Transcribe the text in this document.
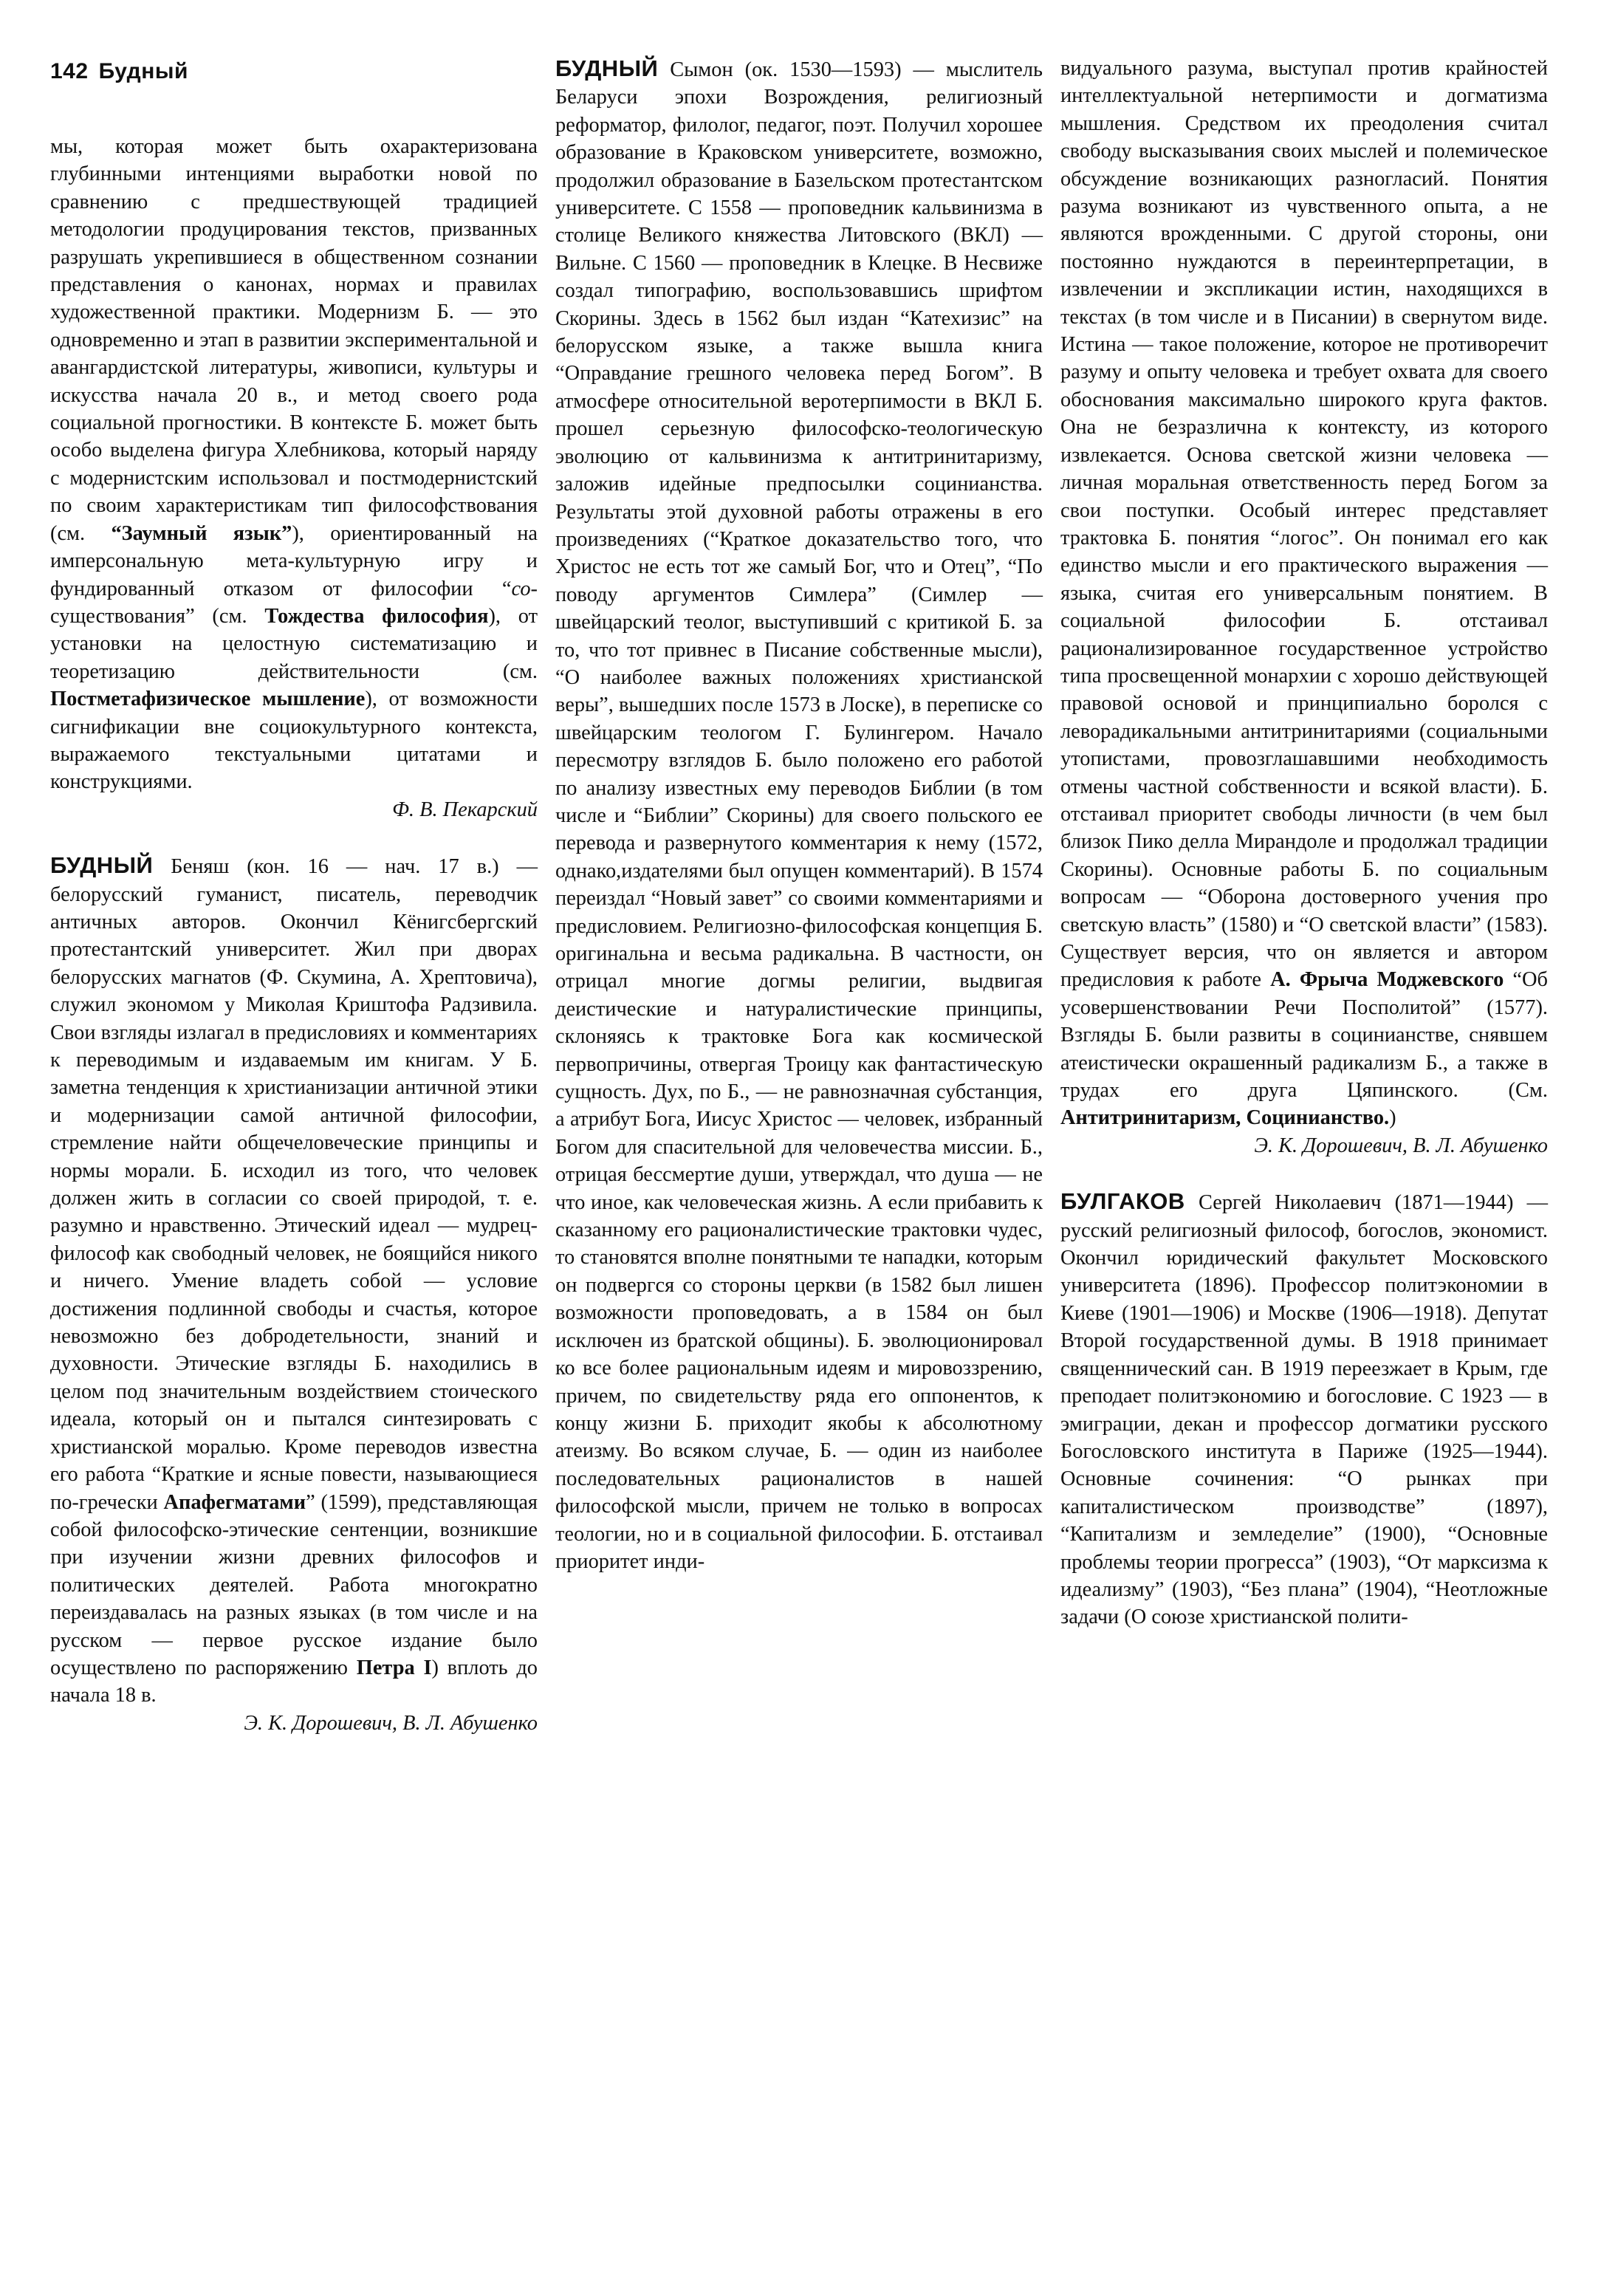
142 Будный

мы, которая может быть охарактеризована глубинными интенциями выработки новой по сравнению с предшествующей традицией методологии продуцирования текстов, призванных разрушать укрепившиеся в общественном сознании представления о канонах, нормах и правилах художественной практики. Модернизм Б. — это одновременно и этап в развитии экспериментальной и авангардистской литературы, живописи, культуры и искусства начала 20 в., и метод своего рода социальной прогностики. В контексте Б. может быть особо выделена фигура Хлебникова, который наряду с модернистским использовал и постмодернистский по своим характеристикам тип философствования (см. “Заумный язык”), ориентированный на имперсональную мета-культурную игру и фундированный отказом от философии “со-существования” (см. Тождества философия), от установки на целостную систематизацию и теоретизацию действительности (см. Постметафизическое мышление), от возможности сигнификации вне социокультурного контекста, выражаемого текстуальными цитатами и конструкциями.

Ф. В. Пекарский

БУДНЫЙ Беняш (кон. 16 — нач. 17 в.) — белорусский гуманист, писатель, переводчик античных авторов. Окончил Кёнигсбергский протестантский университет. Жил при дворах белорусских магнатов (Ф. Скумина, А. Хрептовича), служил экономом у Миколая Криштофа Радзивила. Свои взгляды излагал в предисловиях и комментариях к переводимым и издаваемым им книгам. У Б. заметна тенденция к христианизации античной этики и модернизации самой античной философии, стремление найти общечеловеческие принципы и нормы морали. Б. исходил из того, что человек должен жить в согласии со своей природой, т. е. разумно и нравственно. Этический идеал — мудрец-философ как свободный человек, не боящийся никого и ничего. Умение владеть собой — условие достижения подлинной свободы и счастья, которое невозможно без добродетельности, знаний и духовности. Этические взгляды Б. находились в целом под значительным воздействием стоического идеала, который он и пытался синтезировать с христианской моралью. Кроме переводов известна его работа “Краткие и ясные повести, называющиеся по-гречески Апафегматами” (1599), представляющая собой философско-этические сентенции, возникшие при изучении жизни древних философов и политических деятелей. Работа многократно переиздавалась на разных языках (в том числе и на русском — первое русское издание было осуществлено по распоряжению Петра I) вплоть до начала 18 в.

Э. К. Дорошевич, В. Л. Абушенко

БУДНЫЙ Сымон (ок. 1530—1593) — мыслитель Беларуси эпохи Возрождения, религиозный реформатор, филолог, педагог, поэт. Получил хорошее образование в Краковском университете, возможно, продолжил образование в Базельском протестантском университете. С 1558 — проповедник кальвинизма в столице Великого княжества Литовского (ВКЛ) — Вильне. С 1560 — проповедник в Клецке. В Несвиже создал типографию, воспользовавшись шрифтом Скорины. Здесь в 1562 был издан “Катехизис” на белорусском языке, а также вышла книга “Оправдание грешного человека перед Богом”. В атмосфере относительной веротерпимости в ВКЛ Б. прошел серьезную философско-теологическую эволюцию от кальвинизма к антитринитаризму, заложив идейные предпосылки социнианства. Результаты этой духовной работы отражены в его произведениях (“Краткое доказательство того, что Христос не есть тот же самый Бог, что и Отец”, “По поводу аргументов Симлера” (Симлер — швейцарский теолог, выступивший с критикой Б. за то, что тот привнес в Писание собственные мысли), “О наиболее важных положениях христианской веры”, вышедших после 1573 в Лоске), в переписке со швейцарским теологом Г. Булингером. Начало пересмотру взглядов Б. было положено его работой по анализу известных ему переводов Библии (в том числе и “Библии” Скорины) для своего польского ее перевода и развернутого комментария к нему (1572, однако,издателями был опущен комментарий). В 1574 переиздал “Новый завет” со своими комментариями и предисловием. Религиозно-философская концепция Б. оригинальна и весьма радикальна. В частности, он отрицал многие догмы религии, выдвигая деистические и натуралистические принципы, склоняясь к трактовке Бога как космической первопричины, отвергая Троицу как фантастическую сущность. Дух, по Б., — не равнозначная субстанция, а атрибут Бога, Иисус Христос — человек, избранный Богом для спасительной для человечества миссии. Б., отрицая бессмертие души, утверждал, что душа — не что иное, как человеческая жизнь. А если прибавить к сказанному его рационалистические трактовки чудес, то становятся вполне понятными те нападки, которым он подвергся со стороны церкви (в 1582 был лишен возможности проповедовать, а в 1584 он был исключен из братской общины). Б. эволюционировал ко все более рациональным идеям и мировоззрению, причем, по свидетельству ряда его оппонентов, к концу жизни Б. приходит якобы к абсолютному атеизму. Во всяком случае, Б. — один из наиболее последовательных рационалистов в нашей философской мысли, причем не только в вопросах теологии, но и в социальной философии. Б. отстаивал приоритет инди-

видуального разума, выступал против крайностей интеллектуальной нетерпимости и догматизма мышления. Средством их преодоления считал свободу высказывания своих мыслей и полемическое обсуждение возникающих разногласий. Понятия разума возникают из чувственного опыта, а не являются врожденными. С другой стороны, они постоянно нуждаются в переинтерпретации, в извлечении и экспликации истин, находящихся в текстах (в том числе и в Писании) в свернутом виде. Истина — такое положение, которое не противоречит разуму и опыту человека и требует охвата для своего обоснования максимально широкого круга фактов. Она не безразлична к контексту, из которого извлекается. Основа светской жизни человека — личная моральная ответственность перед Богом за свои поступки. Особый интерес представляет трактовка Б. понятия “логос”. Он понимал его как единство мысли и его практического выражения — языка, считая его универсальным понятием. В социальной философии Б. отстаивал рационализированное государственное устройство типа просвещенной монархии с хорошо действующей правовой основой и принципиально боролся с леворадикальными антитринитариями (социальными утопистами, провозглашавшими необходимость отмены частной собственности и всякой власти). Б. отстаивал приоритет свободы личности (в чем был близок Пико делла Мирандоле и продолжал традиции Скорины). Основные работы Б. по социальным вопросам — “Оборона достоверного учения про светскую власть” (1580) и “О светской власти” (1583). Существует версия, что он является и автором предисловия к работе А. Фрыча Моджевского “Об усовершенствовании Речи Посполитой” (1577). Взгляды Б. были развиты в социнианстве, снявшем атеистически окрашенный радикализм Б., а также в трудах его друга Цяпинского. (См. Антитринитаризм, Социнианство.)

Э. К. Дорошевич, В. Л. Абушенко

БУЛГАКОВ Сергей Николаевич (1871—1944) — русский религиозный философ, богослов, экономист. Окончил юридический факультет Московского университета (1896). Профессор политэкономии в Киеве (1901—1906) и Москве (1906—1918). Депутат Второй государственной думы. В 1918 принимает священнический сан. В 1919 переезжает в Крым, где преподает политэкономию и богословие. С 1923 — в эмиграции, декан и профессор догматики русского Богословского института в Париже (1925—1944). Основные сочинения: “О рынках при капиталистическом производстве” (1897), “Капитализм и земледелие” (1900), “Основные проблемы теории прогресса” (1903), “От марксизма к идеализму” (1903), “Без плана” (1904), “Неотложные задачи (О союзе христианской полити-
